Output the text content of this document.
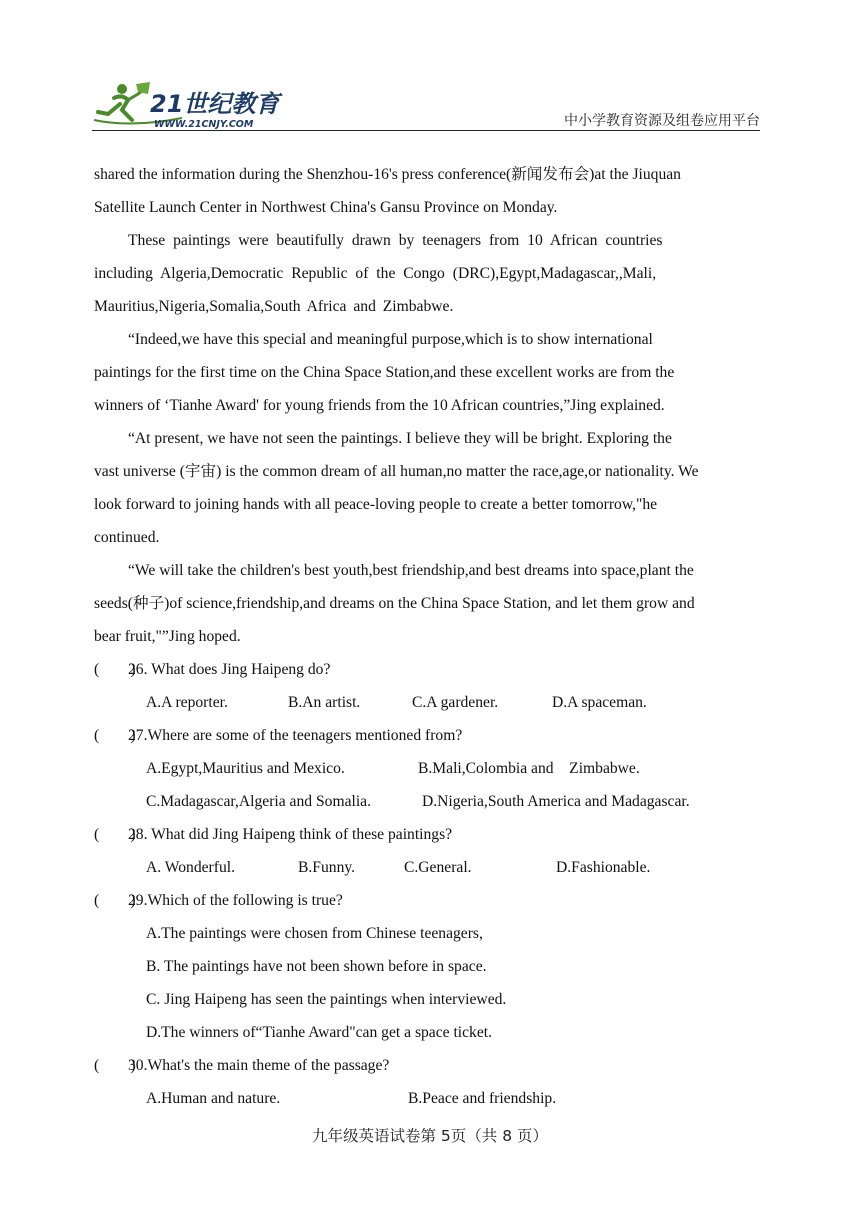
21世纪教育
WWW.21CNJY.COM	中小学教育资源及组卷应用平台
shared the information during the Shenzhou-16's press conference(新闻发布会)at the Jiuquan
Satellite Launch Center in Northwest China's Gansu Province on Monday.
These paintings were beautifully drawn by teenagers from 10 African countries
including Algeria,Democratic Republic of the Congo (DRC),Egypt,Madagascar,,Mali,
Mauritius,Nigeria,Somalia,South Africa and Zimbabwe.
“Indeed,we have this special and meaningful purpose,which is to show international
paintings for the first time on the China Space Station,and these excellent works are from the
winners of ‘Tianhe Award' for young friends from the 10 African countries,”Jing explained.
“At present, we have not seen the paintings. I believe they will be bright. Exploring the
vast universe (宇宙) is the common dream of all human,no matter the race,age,or nationality. We
look forward to joining hands with all peace-loving people to create a better tomorrow,"he
continued.
“We will take the children's best youth,best friendship,and best dreams into space,plant the
seeds(种子)of science,friendship,and dreams on the China Space Station, and let them grow and
bear fruit,"”Jing hoped.
(　　)26. What does Jing Haipeng do?
A.A reporter.	B.An artist.	C.A gardener.	D.A spaceman.
(　　)27.Where are some of the teenagers mentioned from?
A.Egypt,Mauritius and Mexico.	B.Mali,Colombia and　Zimbabwe.
C.Madagascar,Algeria and Somalia.	D.Nigeria,South America and Madagascar.
(　　)28. What did Jing Haipeng think of these paintings?
A. Wonderful.	B.Funny.	C.General.	D.Fashionable.
(　　)29.Which of the following is true?
A.The paintings were chosen from Chinese teenagers,
B. The paintings have not been shown before in space.
C. Jing Haipeng has seen the paintings when interviewed.
D.The winners of“Tianhe Award"can get a space ticket.
(　　)30.What's the main theme of the passage?
A.Human and nature.	B.Peace and friendship.
九年级英语试卷第 5页（共 8 页）
